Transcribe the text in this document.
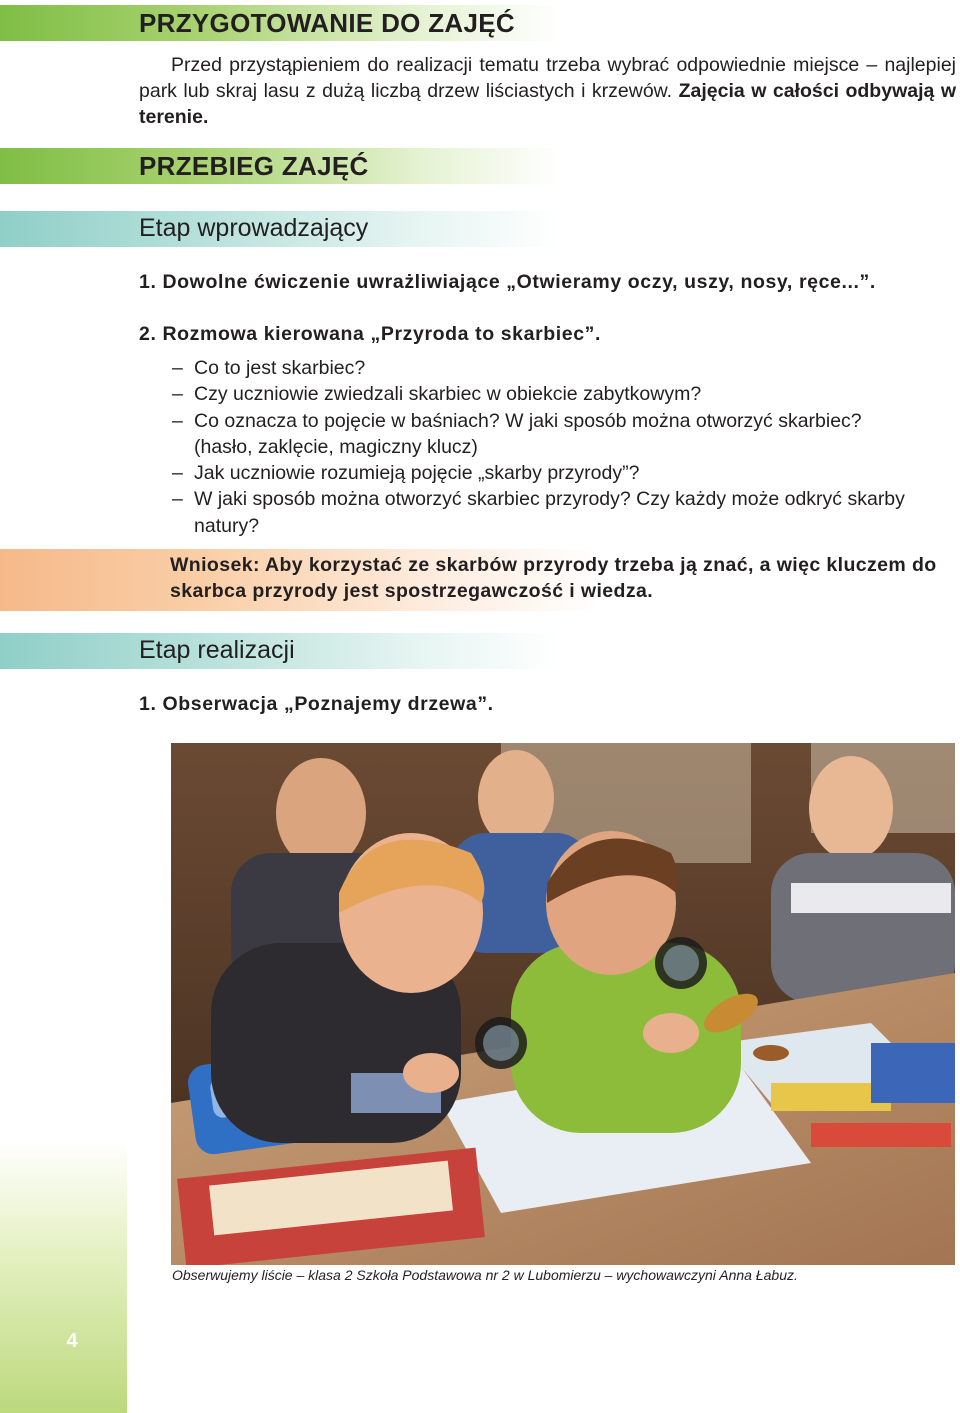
PRZYGOTOWANIE DO ZAJĘĆ

Przed przystąpieniem do realizacji tematu trzeba wybrać odpowiednie miejsce – najlepiej park lub skraj lasu z dużą liczbą drzew liściastych i krzewów. Zajęcia w całości odbywają w terenie.

PRZEBIEG ZAJĘĆ
Etap wprowadzający
1. Dowolne ćwiczenie uwrażliwiające „Otwieramy oczy, uszy, nosy, ręce...”.
2. Rozmowa kierowana „Przyroda to skarbiec”.
– Co to jest skarbiec?
– Czy uczniowie zwiedzali skarbiec w obiekcie zabytkowym?
– Co oznacza to pojęcie w baśniach? W jaki sposób można otworzyć skarbiec?
(hasło, zaklęcie, magiczny klucz)
– Jak uczniowie rozumieją pojęcie „skarby przyrody”?
– W jaki sposób można otworzyć skarbiec przyrody? Czy każdy może odkryć skarby natury?

Wniosek: Aby korzystać ze skarbów przyrody trzeba ją znać, a więc kluczem do skarbca przyrody jest spostrzegawczość i wiedza.

Etap realizacji
1. Obserwacja „Poznajemy drzewa”.
Obserwujemy liście – klasa 2 Szkoła Podstawowa nr 2 w Lubomierzu – wychowawczyni Anna Łabuz.
4
